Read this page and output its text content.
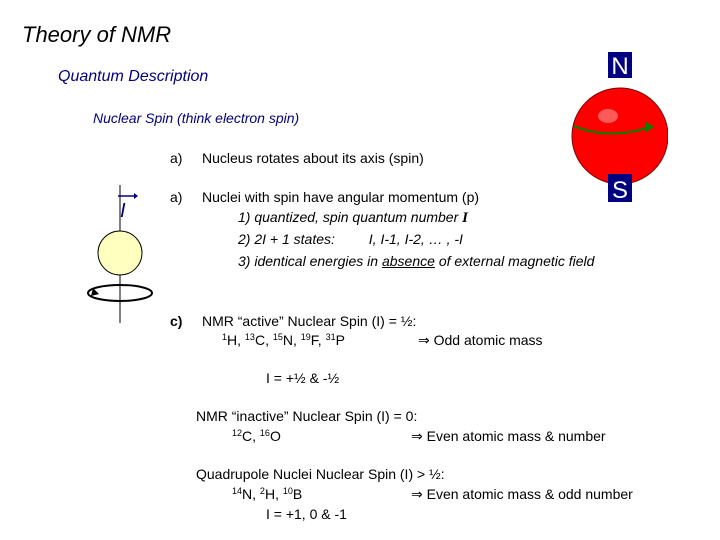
Theory of NMR
Quantum Description
Nuclear Spin (think electron spin)
I
N
S
a) Nucleus rotates about its axis (spin)
a) Nuclei with spin have angular momentum (p)
1) quantized, spin quantum number I
2) 2I + 1 states: I, I-1, I-2, … , -I
3) identical energies in absence of external magnetic field
c) NMR “active” Nuclear Spin (I) = ½:
$^1$H, $^{13}$C, $^{15}$N, $^{19}$F, $^{31}$P	⇒ Odd atomic mass
I = +½ & -½
NMR “inactive” Nuclear Spin (I) = 0:
$^{12}$C, $^{16}$O	⇒ Even atomic mass & number
Quadrupole Nuclei Nuclear Spin (I) > ½:
$^{14}$N, $^2$H, $^{10}$B	⇒ Even atomic mass & odd number
I = +1, 0 & -1
